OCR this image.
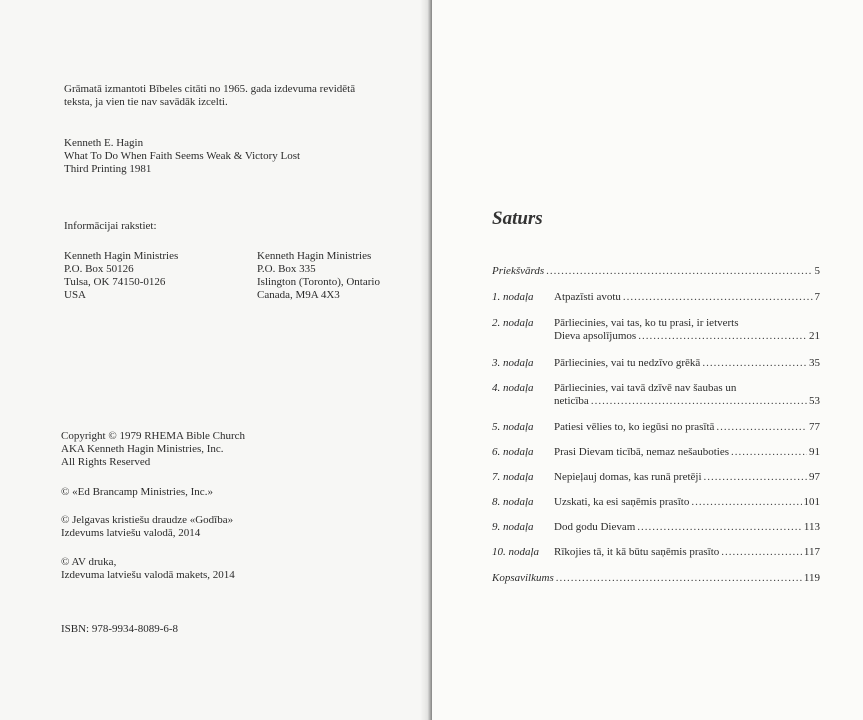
Grāmatā izmantoti Bībeles citāti no 1965. gada izdevuma revidētā
teksta, ja vien tie nav savādāk izcelti.
Kenneth E. Hagin
What To Do When Faith Seems Weak & Victory Lost
Third Printing 1981
Informācijai rakstiet:
Kenneth Hagin Ministries
P.O. Box 50126
Tulsa, OK 74150-0126
USA
Kenneth Hagin Ministries
P.O. Box 335
Islington (Toronto), Ontario
Canada, M9A 4X3
Copyright © 1979 RHEMA Bible Church
AKA Kenneth Hagin Ministries, Inc.
All Rights Reserved
© «Ed Brancamp Ministries, Inc.»
© Jelgavas kristiešu draudze «Godība»
Izdevums latviešu valodā, 2014
© AV druka,
Izdevuma latviešu valodā makets, 2014
ISBN: 978-9934-8089-6-8
Saturs
Priekšvārds .....	5
1. nodaļa Atpazīsti avotu .....	7
2. nodaļa Pārliecinies, vai tas, ko tu prasi, ir ietverts
Dieva apsolījumos .....	21
3. nodaļa Pārliecinies, vai tu nedzīvo grēkā .....	35
4. nodaļa Pārliecinies, vai tavā dzīvē nav šaubas un
neticība .....	53
5. nodaļa Patiesi vēlies to, ko iegūsi no prasītā .....	77
6. nodaļa Prasi Dievam ticībā, nemaz nešauboties .....	91
7. nodaļa Nepieļauj domas, kas runā pretēji .....	97
8. nodaļa Uzskati, ka esi saņēmis prasīto .....	101
9. nodaļa Dod godu Dievam .....	113
10. nodaļa Rīkojies tā, it kā būtu saņēmis prasīto .....	117
Kopsavilkums .....	119
